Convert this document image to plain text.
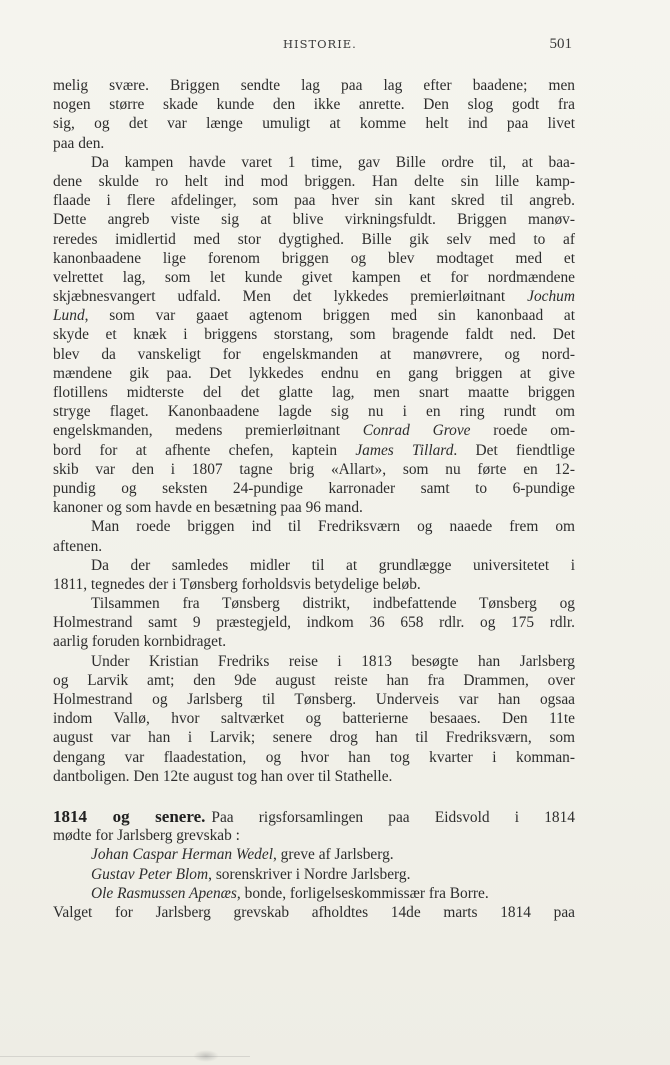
HISTORIE.	501
melig svære. Briggen sendte lag paa lag efter baadene; men
nogen større skade kunde den ikke anrette. Den slog godt fra
sig, og det var længe umuligt at komme helt ind paa livet
paa den.
Da kampen havde varet 1 time, gav Bille ordre til, at baa-
dene skulde ro helt ind mod briggen. Han delte sin lille kamp-
flaade i flere afdelinger, som paa hver sin kant skred til angreb.
Dette angreb viste sig at blive virkningsfuldt. Briggen manøv-
reredes imidlertid med stor dygtighed. Bille gik selv med to af
kanonbaadene lige forenom briggen og blev modtaget med et
velrettet lag, som let kunde givet kampen et for nordmændene
skjæbnesvangert udfald. Men det lykkedes premierløitnant Jochum
Lund, som var gaaet agtenom briggen med sin kanonbaad at
skyde et knæk i briggens storstang, som bragende faldt ned. Det
blev da vanskeligt for engelskmanden at manøvrere, og nord-
mændene gik paa. Det lykkedes endnu en gang briggen at give
flotillens midterste del det glatte lag, men snart maatte briggen
stryge flaget. Kanonbaadene lagde sig nu i en ring rundt om
engelskmanden, medens premierløitnant Conrad Grove roede om-
bord for at afhente chefen, kaptein James Tillard. Det fiendtlige
skib var den i 1807 tagne brig «Allart», som nu førte en 12-
pundig og seksten 24-pundige karronader samt to 6-pundige
kanoner og som havde en besætning paa 96 mand.
Man roede briggen ind til Fredriksværn og naaede frem om
aftenen.
Da der samledes midler til at grundlægge universitetet i
1811, tegnedes der i Tønsberg forholdsvis betydelige beløb.
Tilsammen fra Tønsberg distrikt, indbefattende Tønsberg og
Holmestrand samt 9 præstegjeld, indkom 36 658 rdlr. og 175 rdlr.
aarlig foruden kornbidraget.
Under Kristian Fredriks reise i 1813 besøgte han Jarlsberg
og Larvik amt; den 9de august reiste han fra Drammen, over
Holmestrand og Jarlsberg til Tønsberg. Underveis var han ogsaa
indom Vallø, hvor saltværket og batterierne besaaes. Den 11te
august var han i Larvik; senere drog han til Fredriksværn, som
dengang var flaadestation, og hvor han tog kvarter i komman-
dantboligen. Den 12te august tog han over til Stathelle.
1814 og senere. Paa rigsforsamlingen paa Eidsvold i 1814
mødte for Jarlsberg grevskab :
Johan Caspar Herman Wedel, greve af Jarlsberg.
Gustav Peter Blom, sorenskriver i Nordre Jarlsberg.
Ole Rasmussen Apenæs, bonde, forligelseskommissær fra Borre.
Valget for Jarlsberg grevskab afholdtes 14de marts 1814 paa
